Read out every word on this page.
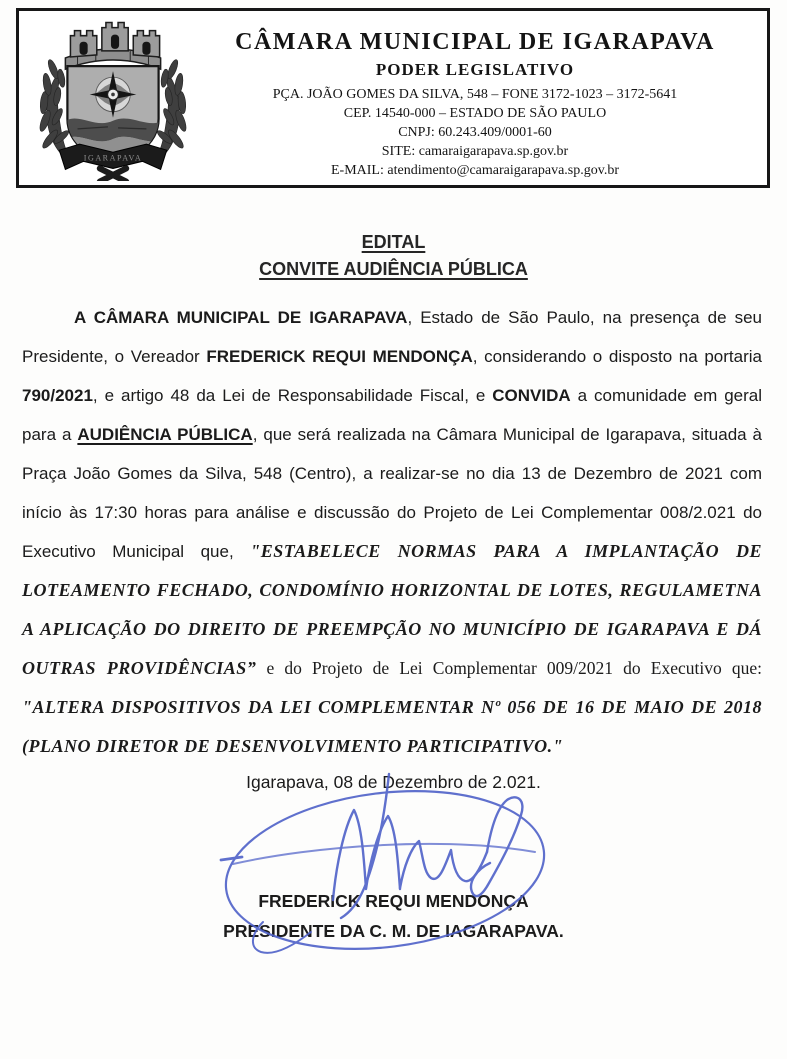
IGARAPAVA
CÂMARA MUNICIPAL DE IGARAPAVA
PODER LEGISLATIVO
PÇA. JOÃO GOMES DA SILVA, 548 – FONE 3172-1023 – 3172-5641
CEP. 14540-000 – ESTADO DE SÃO PAULO
CNPJ: 60.243.409/0001-60
SITE: camaraigarapava.sp.gov.br
E-MAIL: atendimento@camaraigarapava.sp.gov.br
EDITAL
CONVITE AUDIÊNCIA PÚBLICA

A CÂMARA MUNICIPAL DE IGARAPAVA, Estado de São Paulo, na presença de seu Presidente, o Vereador FREDERICK REQUI MENDONÇA, considerando o disposto na portaria 790/2021, e artigo 48 da Lei de Responsabilidade Fiscal, e CONVIDA a comunidade em geral para a AUDIÊNCIA PÚBLICA, que será realizada na Câmara Municipal de Igarapava, situada à Praça João Gomes da Silva, 548 (Centro), a realizar-se no dia 13 de Dezembro de 2021 com início às 17:30 horas para análise e discussão do Projeto de Lei Complementar 008/2.021 do Executivo Municipal que, "ESTABELECE NORMAS PARA A IMPLANTAÇÃO DE LOTEAMENTO FECHADO, CONDOMÍNIO HORIZONTAL DE LOTES, REGULAMETNA A APLICAÇÃO DO DIREITO DE PREEMPÇÃO NO MUNICÍPIO DE IGARAPAVA E DÁ OUTRAS PROVIDÊNCIAS” e do Projeto de Lei Complementar 009/2021 do Executivo que: "ALTERA DISPOSITIVOS DA LEI COMPLEMENTAR Nº 056 DE 16 DE MAIO DE 2018 (PLANO DIRETOR DE DESENVOLVIMENTO PARTICIPATIVO."

Igarapava, 08 de Dezembro de 2.021.
FREDERICK REQUI MENDONÇA
PRESIDENTE DA C. M. DE IAGARAPAVA.
